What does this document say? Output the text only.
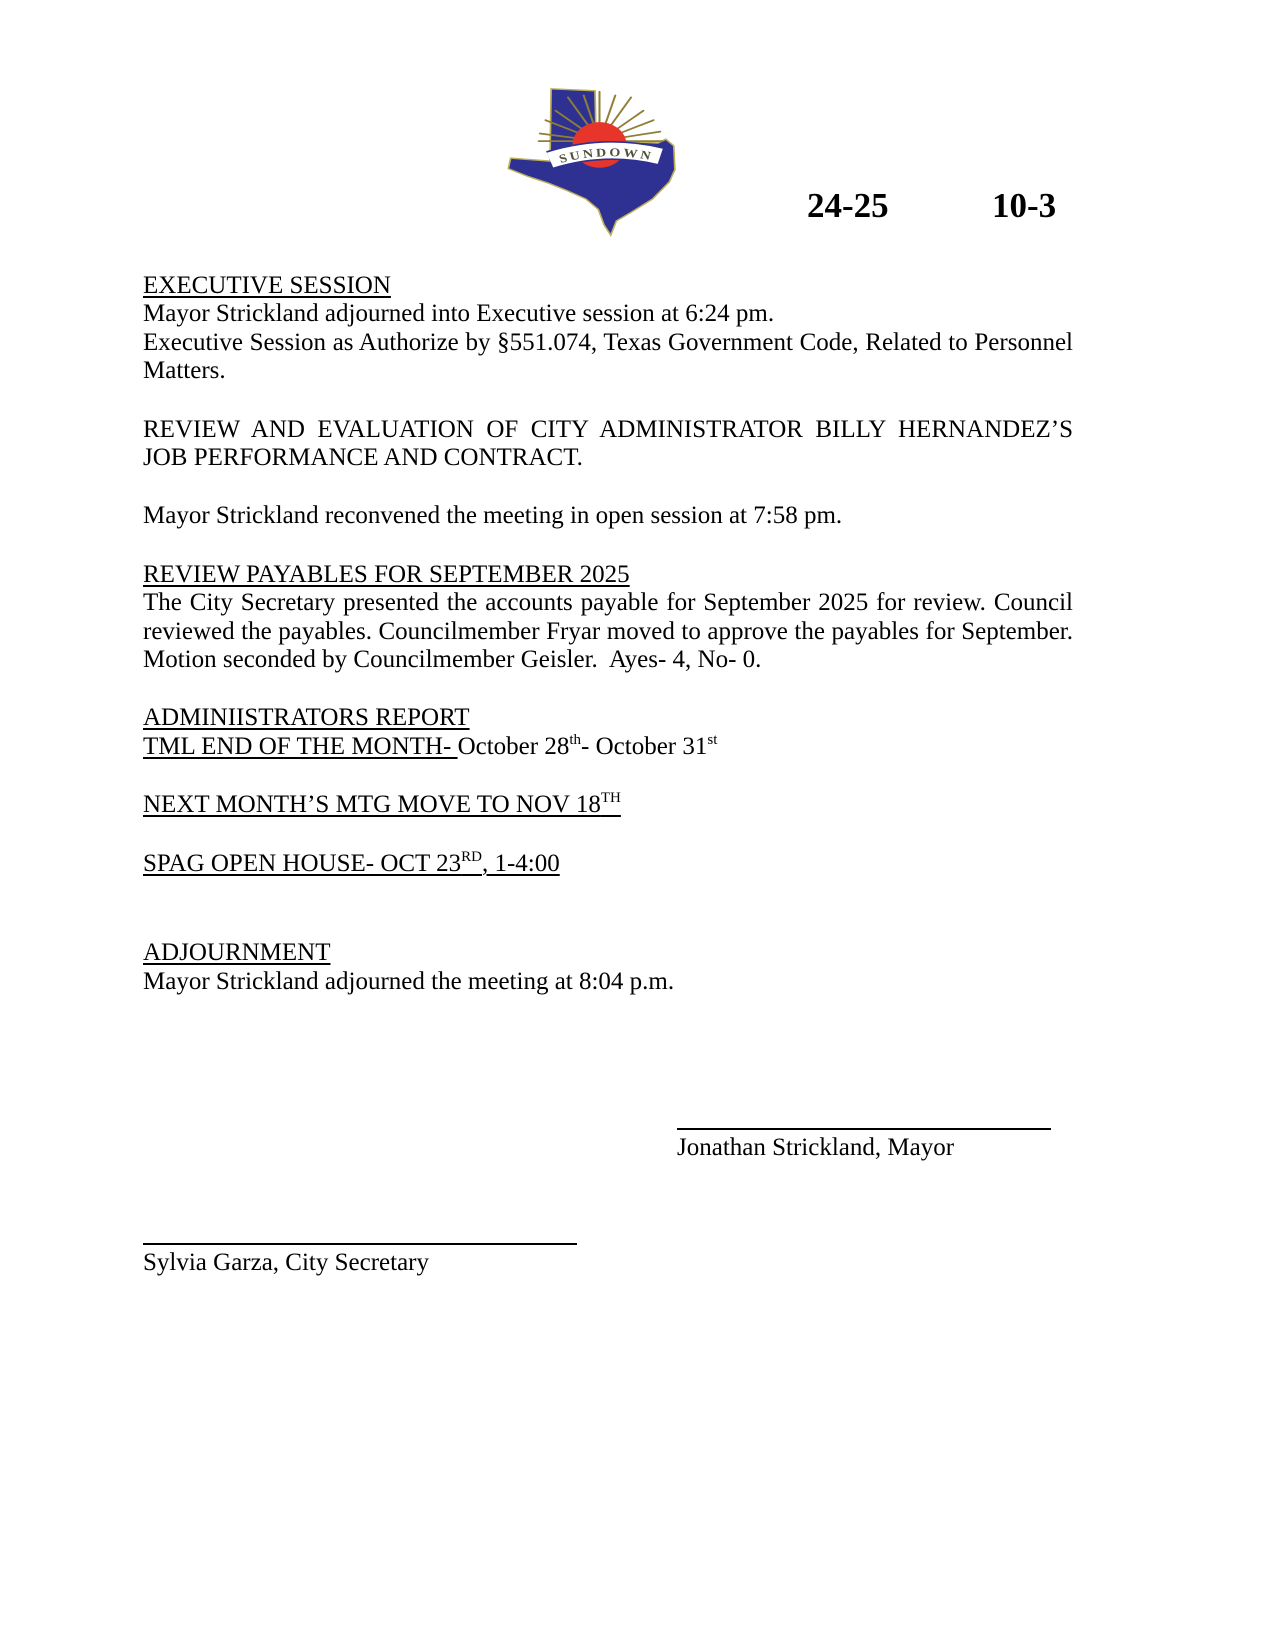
SUNDOWN
24-25	10-3
EXECUTIVE SESSION
Mayor Strickland adjourned into Executive session at 6:24 pm.

Executive Session as Authorize by §551.074, Texas Government Code, Related to Personnel Matters.

REVIEW AND EVALUATION OF CITY ADMINISTRATOR BILLY HERNANDEZ’S JOB PERFORMANCE AND CONTRACT.

Mayor Strickland reconvened the meeting in open session at 7:58 pm.
REVIEW PAYABLES FOR SEPTEMBER 2025

The City Secretary presented the accounts payable for September 2025 for review. Council reviewed the payables. Councilmember Fryar moved to approve the payables for September. Motion seconded by Councilmember Geisler.  Ayes- 4, No- 0.

ADMINIISTRATORS REPORT
TML END OF THE MONTH- October 28th- October 31st
NEXT MONTH’S MTG MOVE TO NOV 18TH
SPAG OPEN HOUSE- OCT 23RD, 1-4:00
ADJOURNMENT
Mayor Strickland adjourned the meeting at 8:04 p.m.
Jonathan Strickland, Mayor
Sylvia Garza, City Secretary
